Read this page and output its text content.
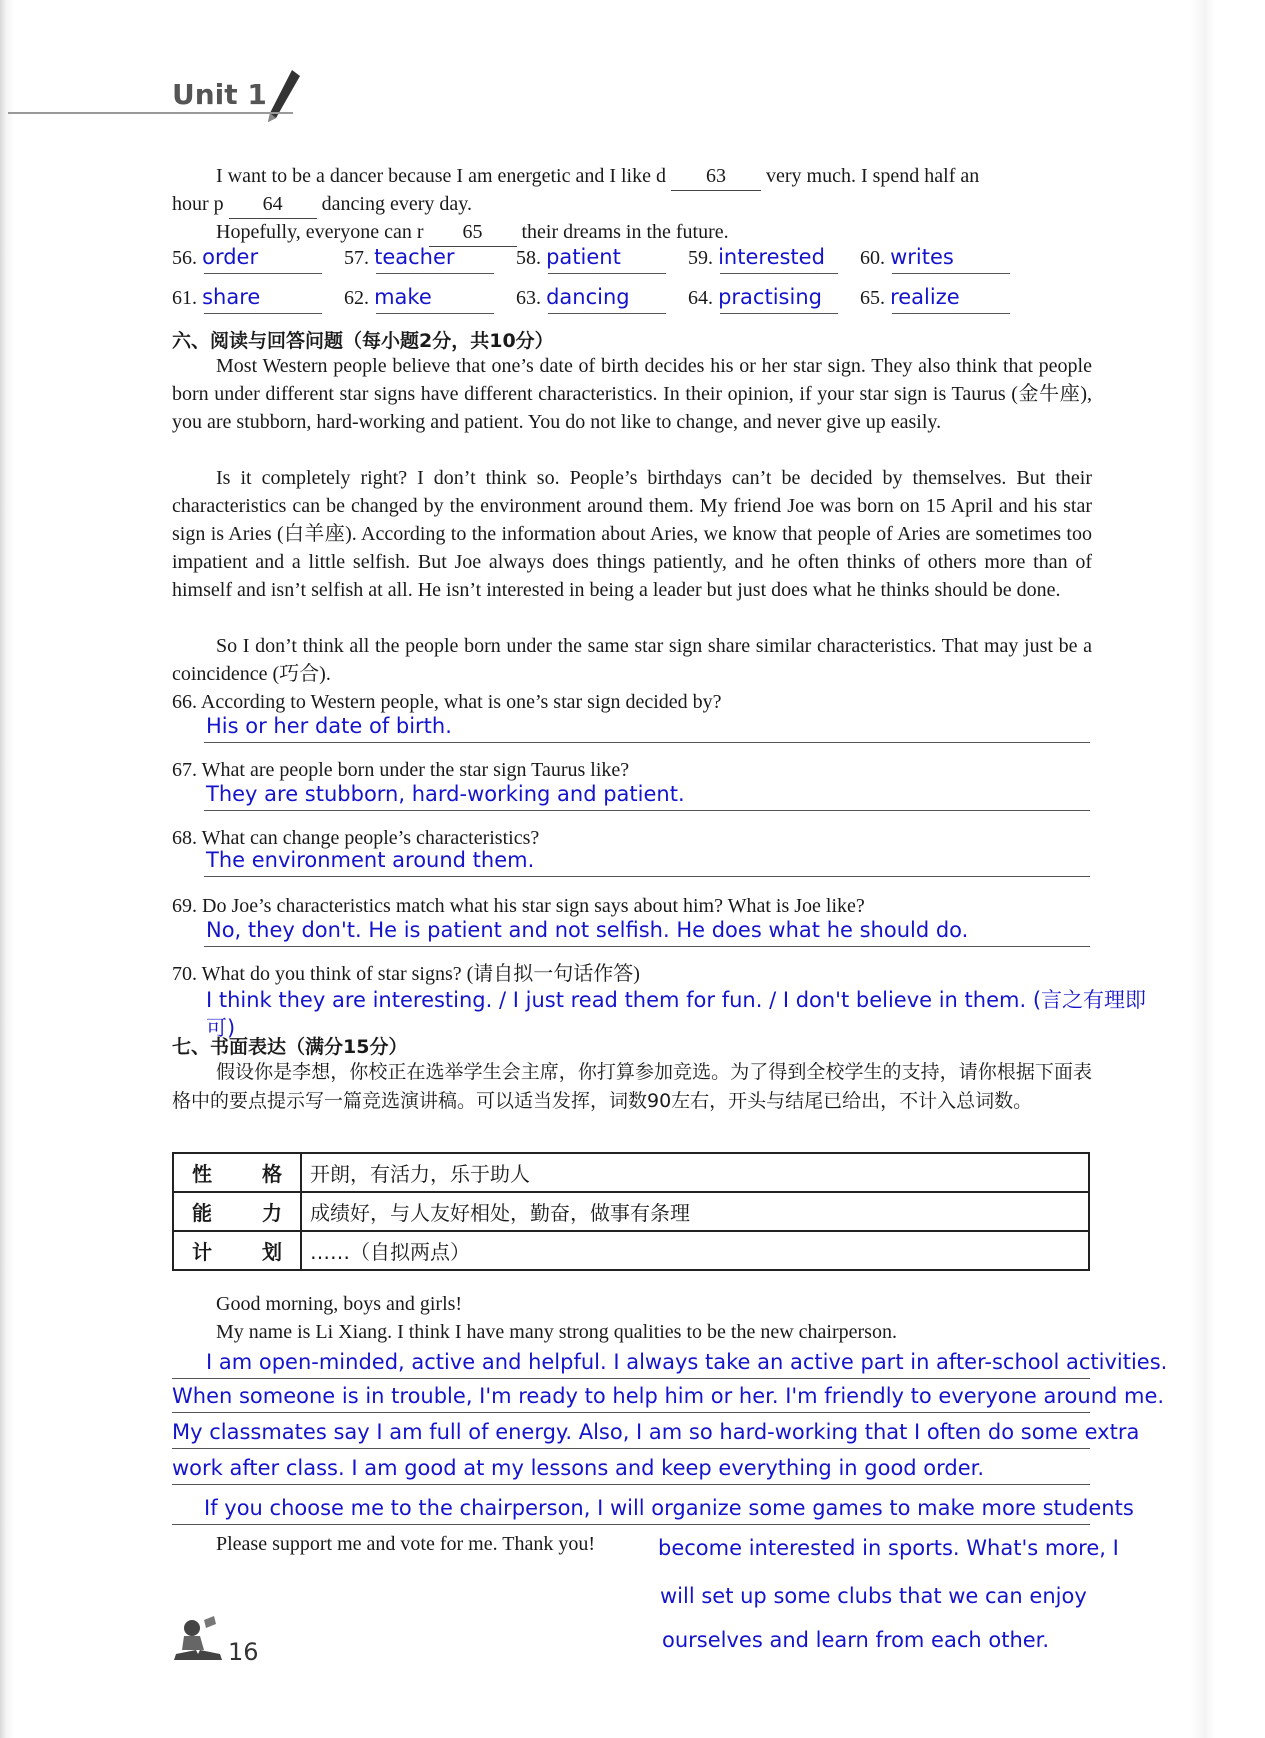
Unit 1
I want to be a dancer because I am energetic and I like d 63 very much. I spend half an
hour p 64 dancing every day.
Hopefully, everyone can r 65 their dreams in the future.
56. order	57. teacher	58. patient	59. interested 60. writes
61. share	62. make	63. dancing	64. practising 65. realize
六、阅读与回答问题（每小题2分，共10分）
Most Western people believe that one’s date of birth decides his or her star sign. They also think that people born under different star signs have different characteristics. In their opinion, if your star sign is Taurus (金牛座), you are stubborn, hard-working and patient. You do not like to change, and never give up easily.
Is it completely right? I don’t think so. People’s birthdays can’t be decided by themselves. But their characteristics can be changed by the environment around them. My friend Joe was born on 15 April and his star sign is Aries (白羊座). According to the information about Aries, we know that people of Aries are sometimes too impatient and a little selfish. But Joe always does things patiently, and he often thinks of others more than of himself and isn’t selfish at all. He isn’t interested in being a leader but just does what he thinks should be done.
So I don’t think all the people born under the same star sign share similar characteristics. That may just be a coincidence (巧合).
66. According to Western people, what is one’s star sign decided by?
His or her date of birth.
67. What are people born under the star sign Taurus like?
They are stubborn, hard-working and patient.
68. What can change people’s characteristics?
The environment around them.
69. Do Joe’s characteristics match what his star sign says about him? What is Joe like?
No, they don't. He is patient and not selfish. He does what he should do.
70. What do you think of star signs? (请自拟一句话作答)
I think they are interesting. / I just read them for fun. / I don't believe in them. (言之有理即可)
七、书面表达（满分15分）
假设你是李想，你校正在选举学生会主席，你打算参加竞选。为了得到全校学生的支持，请你根据下面表格中的要点提示写一篇竞选演讲稿。可以适当发挥，词数90左右，开头与结尾已给出，不计入总词数。
性 格	开朗，有活力，乐于助人

能 力	成绩好，与人友好相处，勤奋，做事有条理

计 划	……（自拟两点）
Good morning, boys and girls!
My name is Li Xiang. I think I have many strong qualities to be the new chairperson.
I am open-minded, active and helpful. I always take an active part in after-school activities.
When someone is in trouble, I'm ready to help him or her. I'm friendly to everyone around me.
My classmates say I am full of energy. Also, I am so hard-working that I often do some extra
work after class. I am good at my lessons and keep everything in good order.
If you choose me to the chairperson, I will organize some games to make more students
Please support me and vote for me. Thank you!	become interested in sports. What's more, I
will set up some clubs that we can enjoy
ourselves and learn from each other.
16
